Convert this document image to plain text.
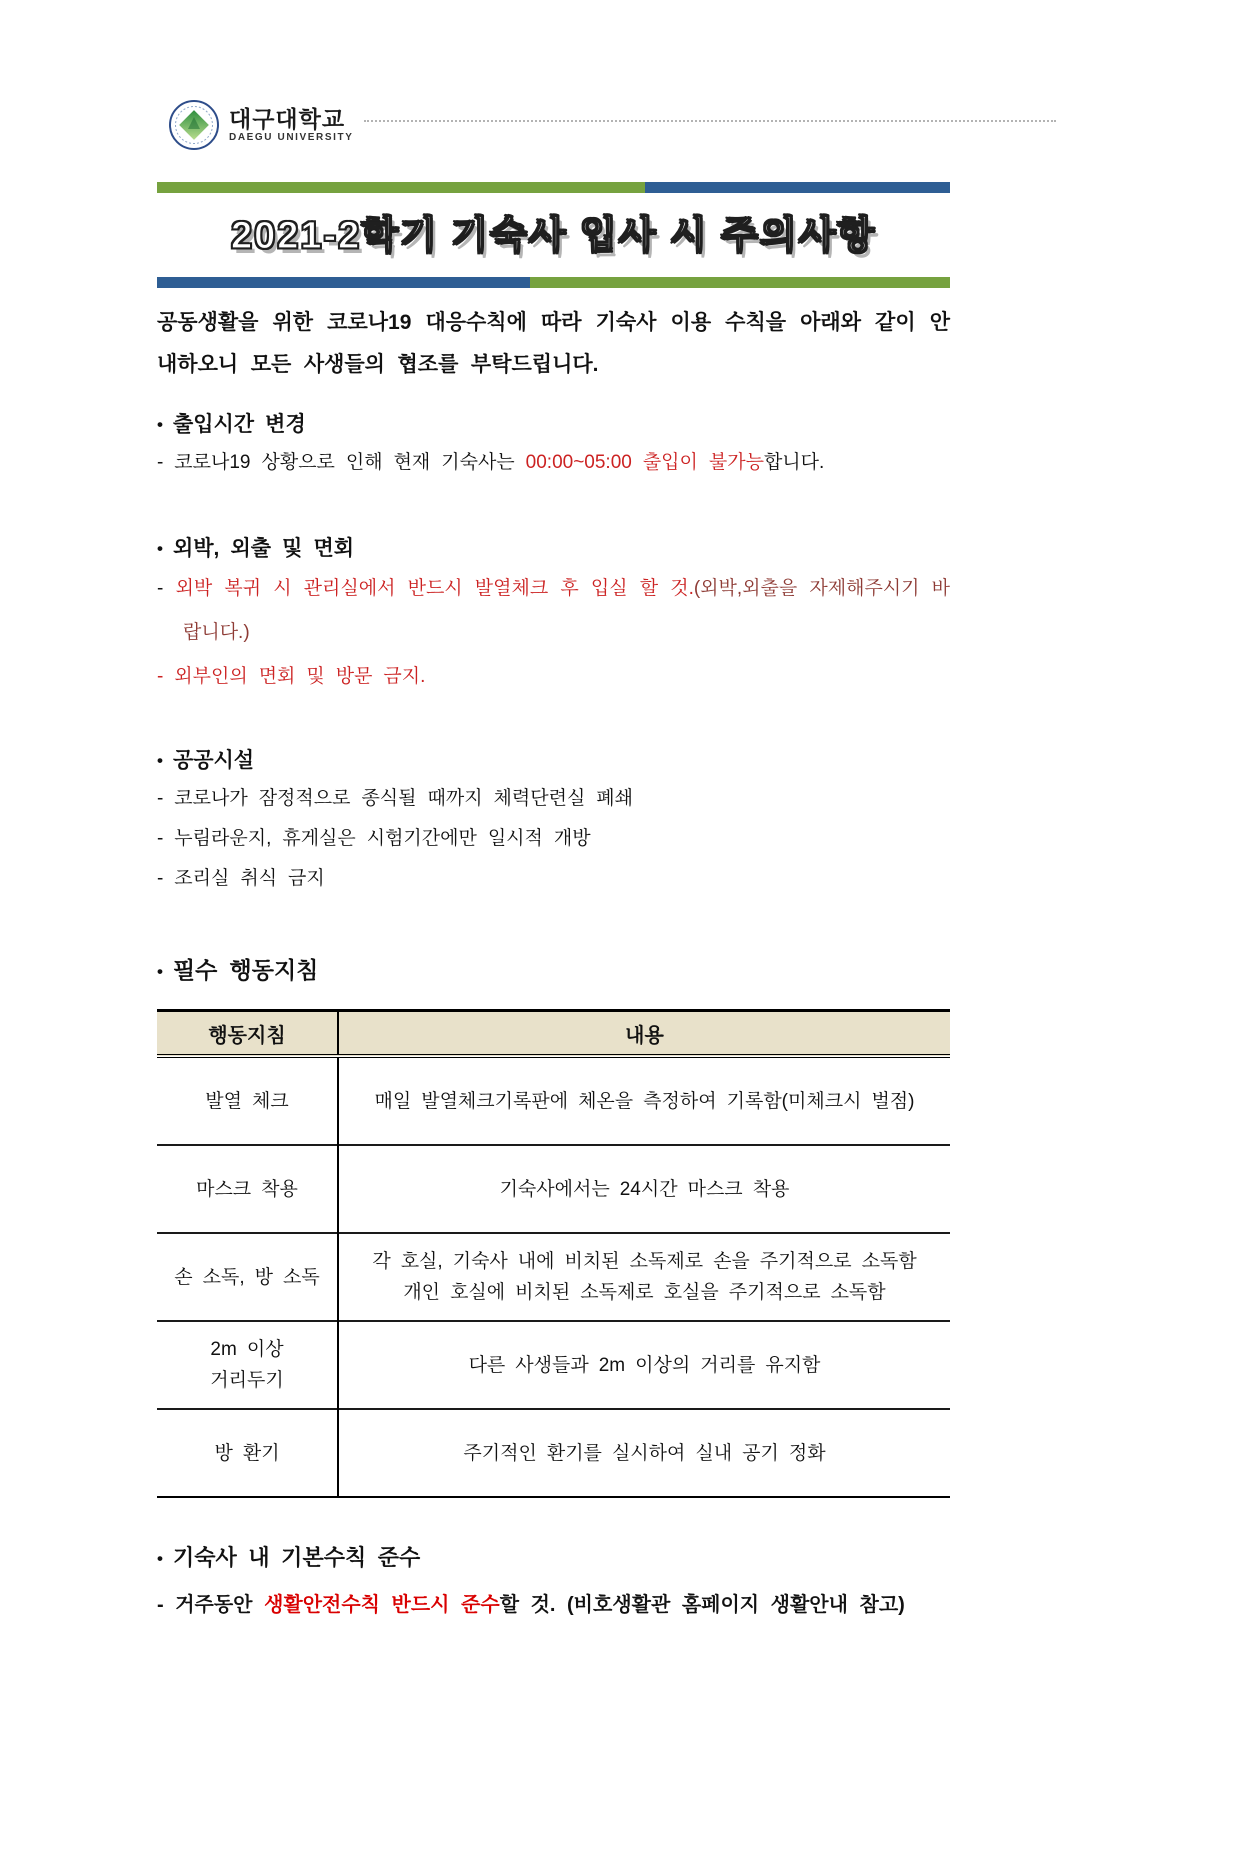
대구대학교
DAEGU UNIVERSITY
2021-2학기 기숙사 입사 시 주의사항

공동생활을 위한 코로나19 대응수칙에 따라 기숙사 이용 수칙을 아래와 같이 안내하오니 모든 사생들의 협조를 부탁드립니다.

• 출입시간 변경
- 코로나19 상황으로 인해 현재 기숙사는 00:00~05:00 출입이 불가능합니다.
• 외박, 외출 및 면회
- 외박 복귀 시 관리실에서 반드시 발열체크 후 입실 할 것.(외박,외출을 자제해주시기 바랍니다.)
- 외부인의 면회 및 방문 금지.
• 공공시설
- 코로나가 잠정적으로 종식될 때까지 체력단련실 폐쇄
- 누림라운지, 휴게실은 시험기간에만 일시적 개방
- 조리실 취식 금지
• 필수 행동지침
행동지침	내용

발열 체크	매일 발열체크기록판에 체온을 측정하여 기록함(미체크시 벌점)

마스크 착용	기숙사에서는 24시간 마스크 착용

손 소독, 방 소독	각 호실, 기숙사 내에 비치된 소독제로 손을 주기적으로 소독함
개인 호실에 비치된 소독제로 호실을 주기적으로 소독함

2m 이상
거리두기	다른 사생들과 2m 이상의 거리를 유지함

방 환기	주기적인 환기를 실시하여 실내 공기 정화
• 기숙사 내 기본수칙 준수
- 거주동안 생활안전수칙 반드시 준수할 것. (비호생활관 홈페이지 생활안내 참고)
